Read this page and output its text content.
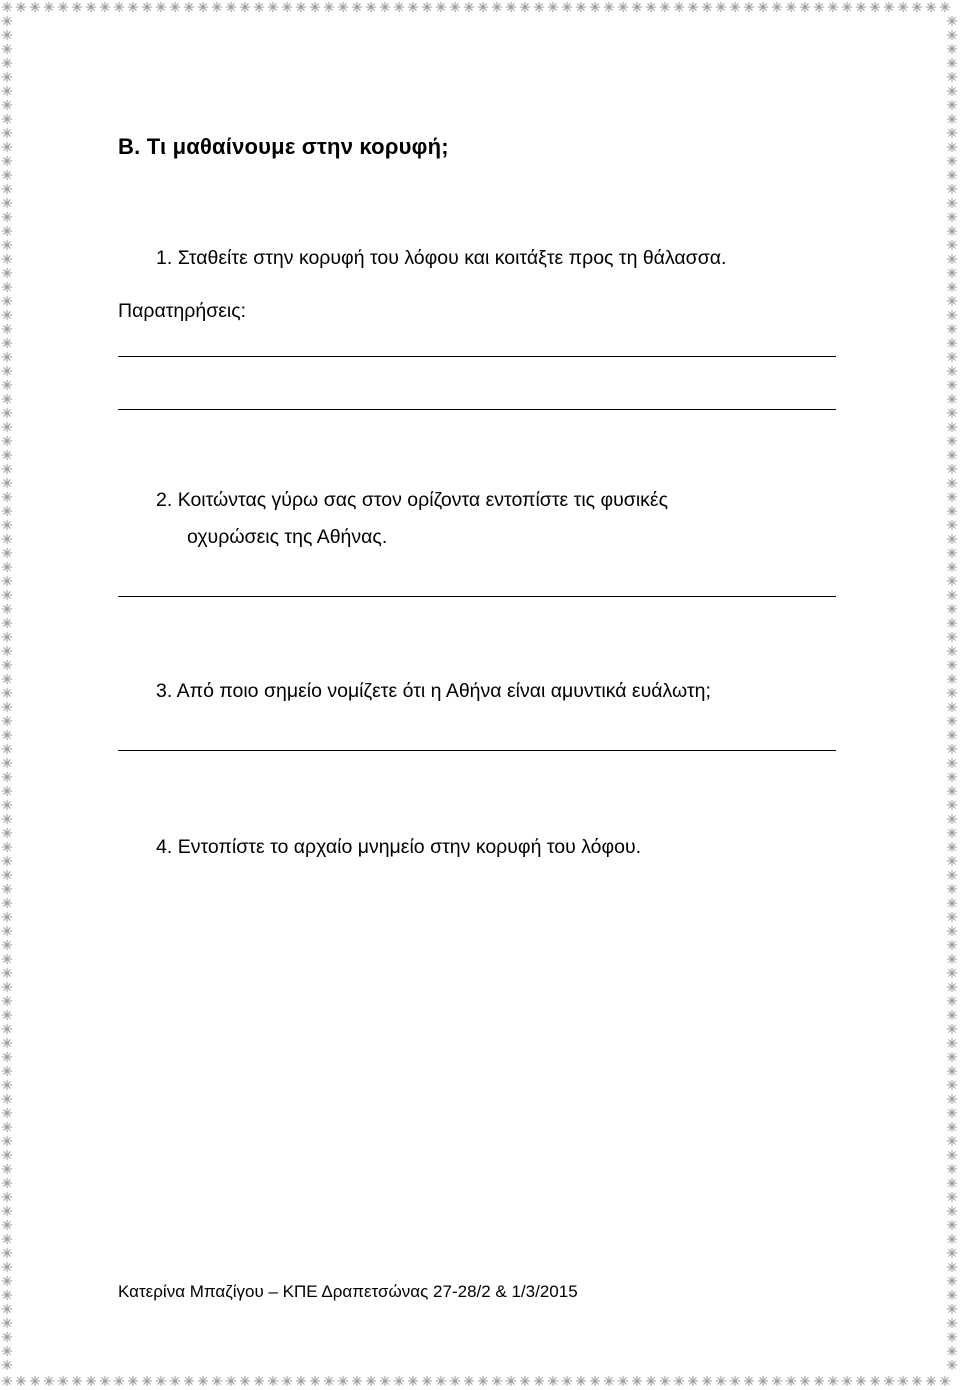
Β. Τι μαθαίνουμε στην κορυφή;
1. Σταθείτε στην κορυφή του λόφου και κοιτάξτε προς τη θάλασσα.
Παρατηρήσεις:
2. Κοιτώντας γύρω σας στον ορίζοντα εντοπίστε τις φυσικές
οχυρώσεις της Αθήνας.
3. Από ποιο σημείο νομίζετε ότι η Αθήνα είναι αμυντικά ευάλωτη;
4. Εντοπίστε το αρχαίο μνημείο στην κορυφή του λόφου.
Κατερίνα Μπαζίγου – ΚΠΕ Δραπετσώνας 27-28/2 & 1/3/2015
